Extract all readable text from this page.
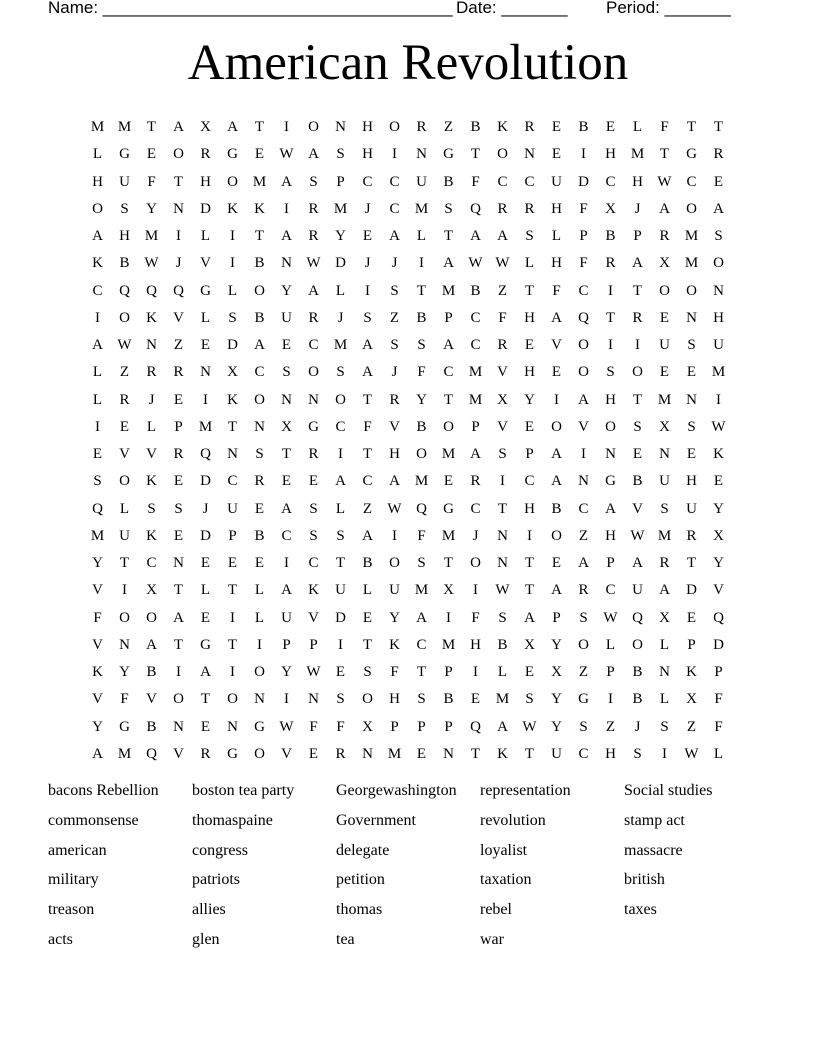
Name: _____________________________________ Date: _______ Period: _______
American Revolution
M M	T	A	X	A	T	I	O	N	H	O	R	Z	B	K	R	E	B	E	L	F	T	T
L	G	E	O	R	G	E	W A	S	H	I	N	G	T	O	N	E	I	H M	T	G	R
H	U	F	T	H	O M A	S	P	C	C	U	B	F	C	C	U	D	C	H W C	E
O	S	Y	N	D	K	K	I	R	M	J	C	M	S	Q	R	R	H	F	X	J	A	O	A
A	H M	I	L	I	T	A	R	Y	E	A	L	T	A	A	S	L	P	B	P	R	M	S
K	B W	J	V	I	B	N W D	J	J	I	A W W	L	H	F	R	A	X M O
C	Q	Q	Q	G	L	O	Y	A	L	I	S	T	M	B	Z	T	F	C	I	T	O	O	N
I	O	K	V	L	S	B	U	R	J	S	Z	B	P	C	F	H	A	Q	T	R	E	N	H
A W N	Z	E	D	A	E	C	M A	S	S	A	C	R	E	V	O	I	I	U	S	U
L	Z	R	R	N	X	C	S	O	S	A	J	F	C	M V	H	E	O	S	O	E	E	M
L	R	J	E	I	K	O	N	N	O	T	R	Y	T	M X	Y	I	A	H	T	M N	I
I	E	L	P	M	T	N	X	G	C	F	V	B	O	P	V	E	O	V	O	S	X	S	W
E	V	V	R	Q	N	S	T	R	I	T	H	O M A	S	P	A	I	N	E	N	E	K
S	O	K	E	D	C	R	E	E	A	C	A M	E	R	I	C	A	N	G	B	U	H	E
Q	L	S	S	J	U	E	A	S	L	Z	W Q	G	C	T	H	B	C	A	V	S	U	Y
M U	K	E	D	P	B	C	S	S	A	I	F	M	J	N	I	O	Z	H W M	R	X
Y	T	C	N	E	E	E	I	C	T	B	O	S	T	O	N	T	E	A	P	A	R	T	Y
V	I	X	T	L	T	L	A	K	U	L	U M X	I	W	T	A	R	C	U	A	D	V
F	O	O	A	E	I	L	U	V	D	E	Y	A	I	F	S	A	P	S	W Q	X	E	Q
V	N	A	T	G	T	I	P	P	I	T	K	C	M H	B	X	Y	O	L	O	L	P	D
K	Y	B	I	A	I	O	Y W	E	S	F	T	P	I	L	E	X	Z	P	B	N	K	P
V	F	V	O	T	O	N	I	N	S	O	H	S	B	E	M	S	Y	G	I	B	L	X	F
Y	G	B	N	E	N	G W	F	F	X	P	P	P	Q	A W Y	S	Z	J	S	Z	F
A M Q	V	R	G	O	V	E	R	N M	E	N	T	K	T	U	C	H	S	I	W	L
bacons Rebellion	boston tea party	Georgewashington	representation	Social studies
commonsense	thomaspaine	Government	revolution	stamp act
american	congress	delegate	loyalist	massacre
military	patriots	petition	taxation	british
treason	allies	thomas	rebel	taxes
acts	glen	tea	war
